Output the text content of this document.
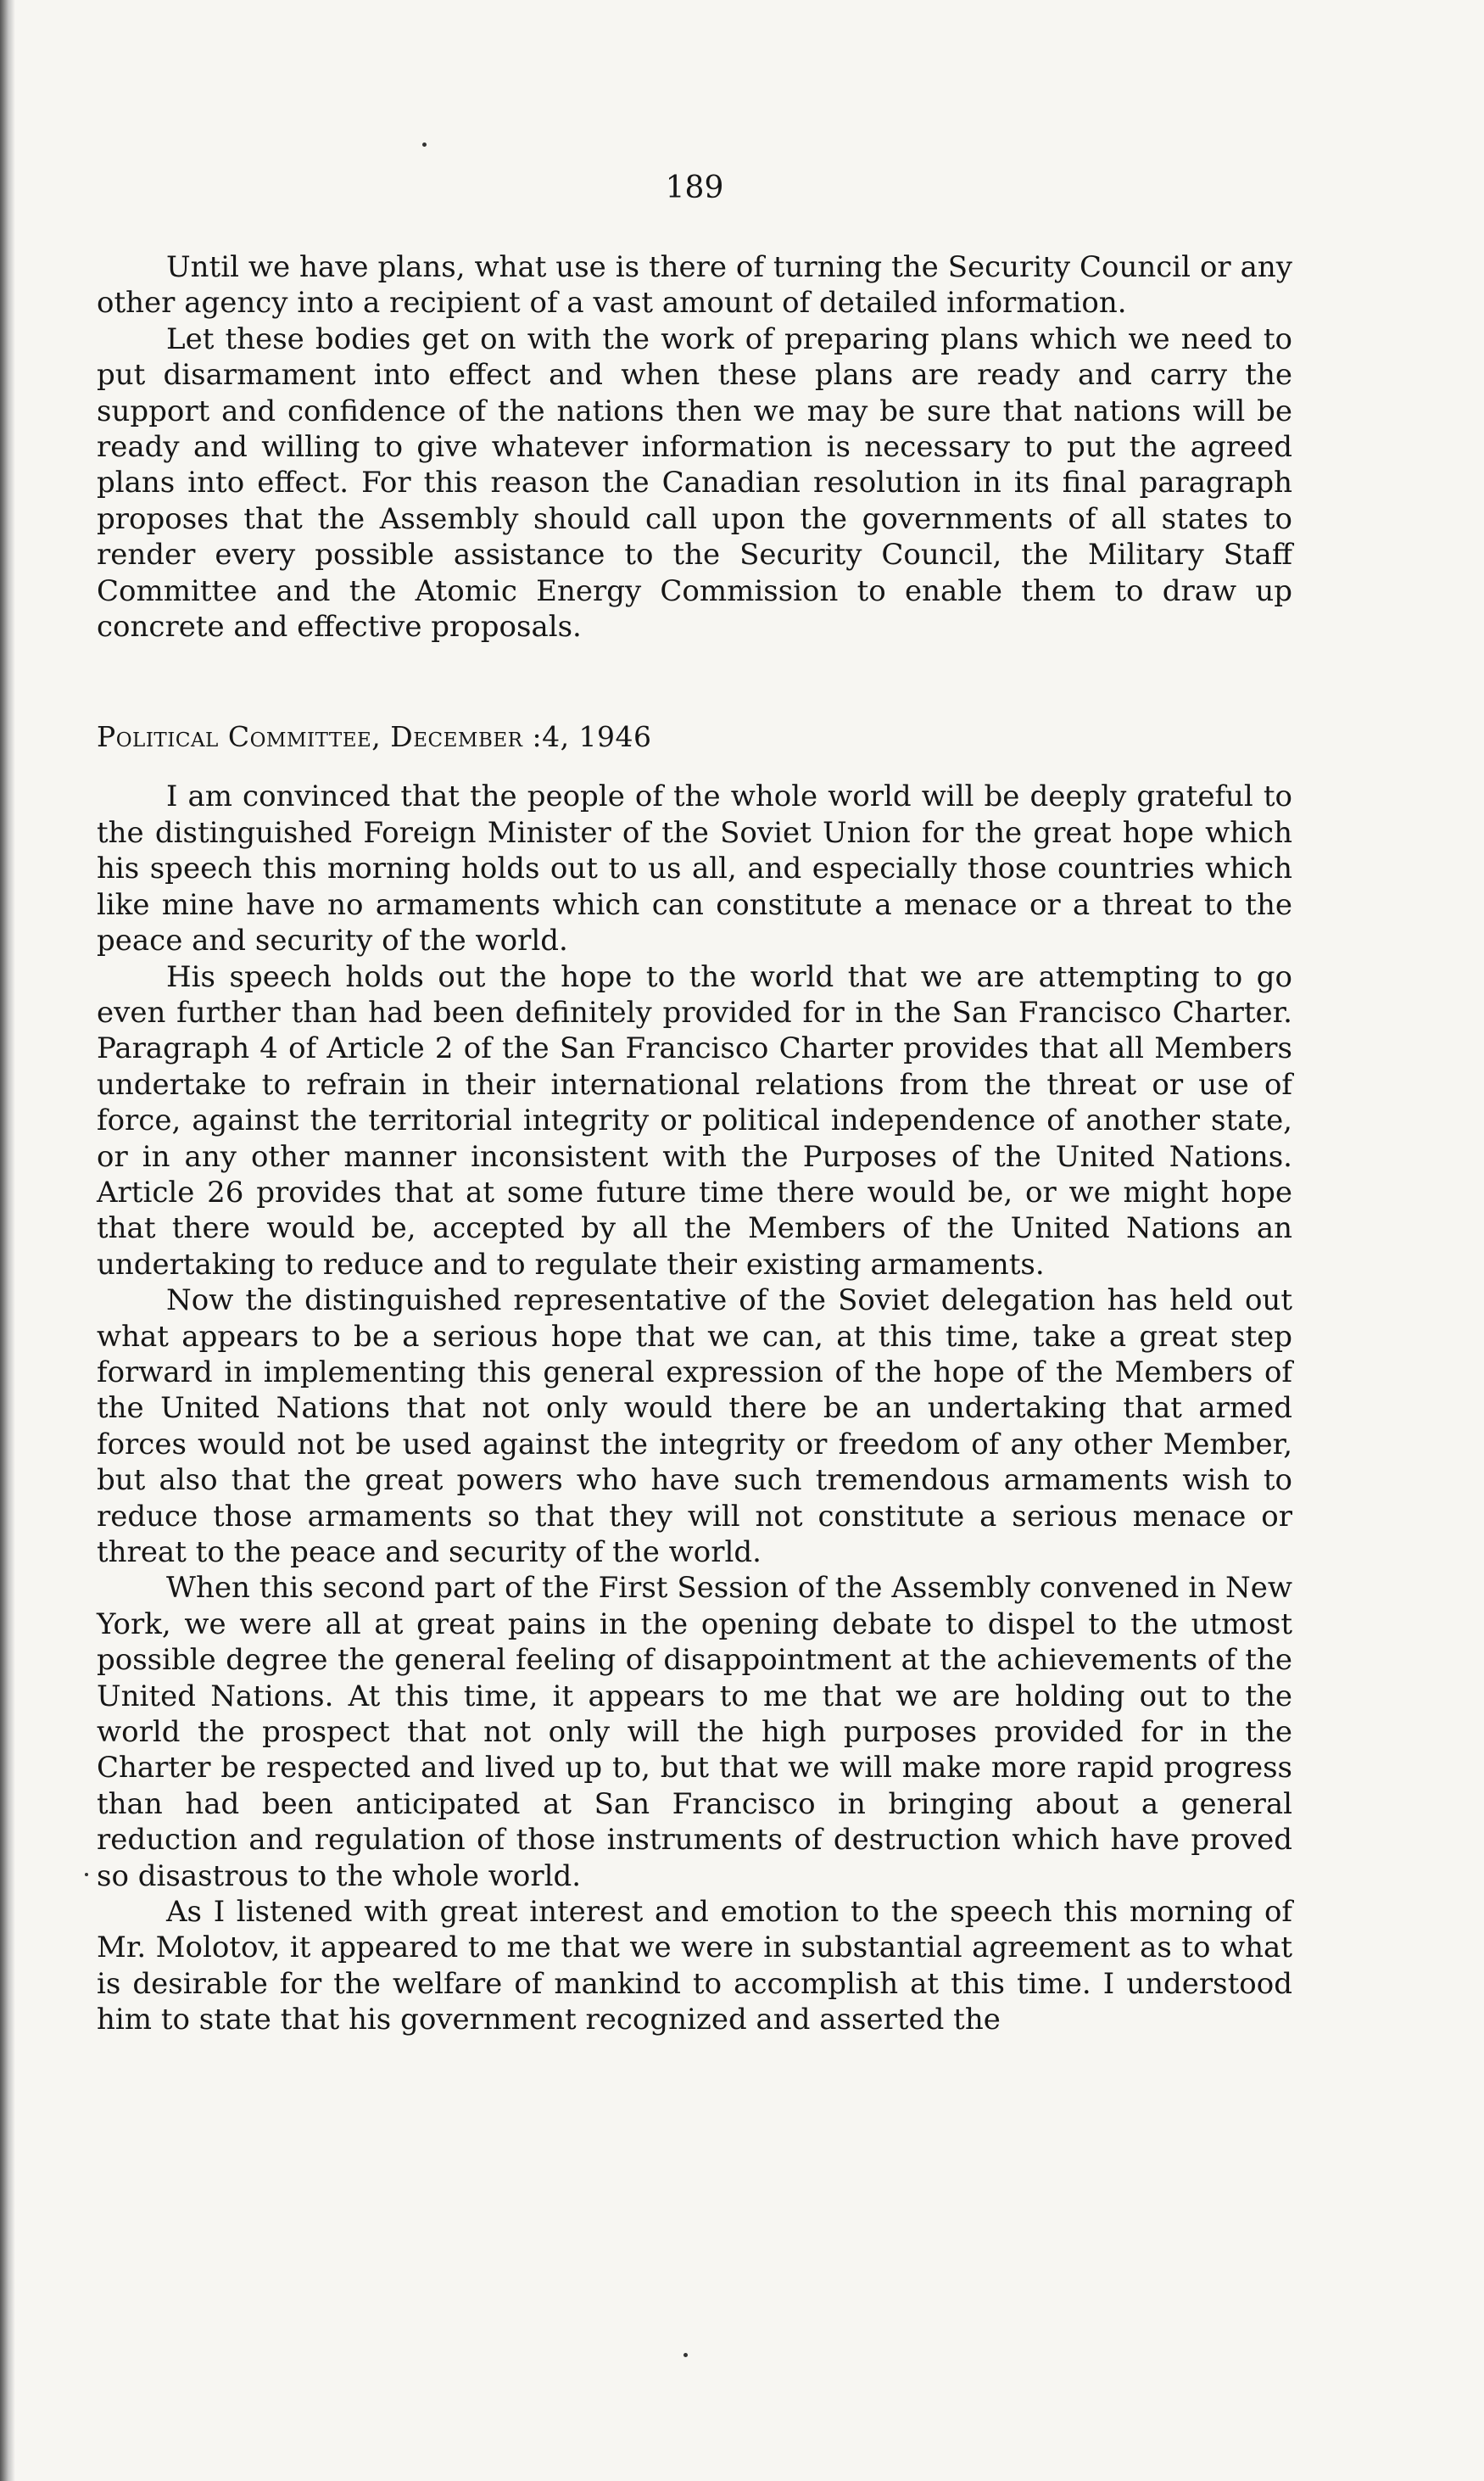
189

Until we have plans, what use is there of turning the Security Council or any other agency into a recipient of a vast amount of detailed information.

Let these bodies get on with the work of preparing plans which we need to put disarmament into effect and when these plans are ready and carry the support and confidence of the nations then we may be sure that nations will be ready and willing to give whatever information is necessary to put the agreed plans into effect. For this reason the Canadian resolution in its final paragraph proposes that the Assembly should call upon the governments of all states to render every possible assistance to the Security Council, the Military Staff Committee and the Atomic Energy Commission to enable them to draw up concrete and effective proposals.

Political Committee, December :4, 1946

I am convinced that the people of the whole world will be deeply grateful to the distinguished Foreign Minister of the Soviet Union for the great hope which his speech this morning holds out to us all, and especially those countries which like mine have no armaments which can constitute a menace or a threat to the peace and security of the world.

His speech holds out the hope to the world that we are attempting to go even further than had been definitely provided for in the San Francisco Charter. Paragraph 4 of Article 2 of the San Francisco Charter provides that all Members undertake to refrain in their international relations from the threat or use of force, against the territorial integrity or political independence of another state, or in any other manner inconsistent with the Purposes of the United Nations. Article 26 provides that at some future time there would be, or we might hope that there would be, accepted by all the Members of the United Nations an undertaking to reduce and to regulate their existing armaments.

Now the distinguished representative of the Soviet delegation has held out what appears to be a serious hope that we can, at this time, take a great step forward in implementing this general expression of the hope of the Members of the United Nations that not only would there be an undertaking that armed forces would not be used against the integrity or freedom of any other Member, but also that the great powers who have such tremendous armaments wish to reduce those armaments so that they will not constitute a serious menace or threat to the peace and security of the world.

When this second part of the First Session of the Assembly convened in New York, we were all at great pains in the opening debate to dispel to the utmost possible degree the general feeling of disappointment at the achievements of the United Nations. At this time, it appears to me that we are holding out to the world the prospect that not only will the high purposes provided for in the Charter be respected and lived up to, but that we will make more rapid progress than had been anticipated at San Francisco in bringing about a general reduction and regulation of those instruments of destruction which have proved so disastrous to the whole world.

As I listened with great interest and emotion to the speech this morning of Mr. Molotov, it appeared to me that we were in substantial agreement as to what is desirable for the welfare of mankind to accomplish at this time. I understood him to state that his government recognized and asserted the
